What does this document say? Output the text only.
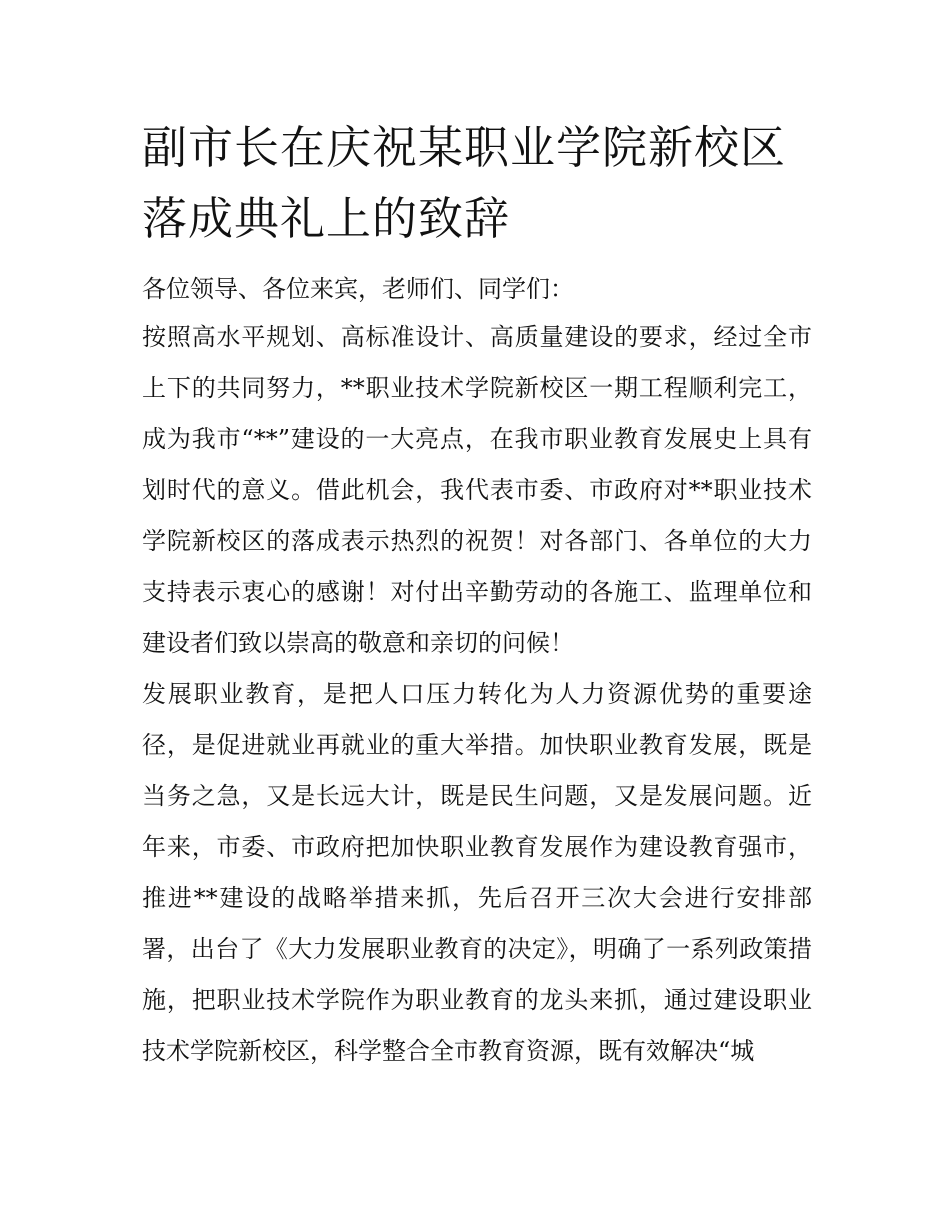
副市长在庆祝某职业学院新校区落成典礼上的致辞

各位领导、各位来宾，老师们、同学们：

按照高水平规划、高标准设计、高质量建设的要求，经过全市上下的共同努力，**职业技术学院新校区一期工程顺利完工，成为我市“**”建设的一大亮点，在我市职业教育发展史上具有划时代的意义。借此机会，我代表市委、市政府对**职业技术学院新校区的落成表示热烈的祝贺！对各部门、各单位的大力支持表示衷心的感谢！对付出辛勤劳动的各施工、监理单位和建设者们致以崇高的敬意和亲切的问候！

发展职业教育，是把人口压力转化为人力资源优势的重要途径，是促进就业再就业的重大举措。加快职业教育发展，既是当务之急，又是长远大计，既是民生问题，又是发展问题。近年来，市委、市政府把加快职业教育发展作为建设教育强市，推进**建设的战略举措来抓，先后召开三次大会进行安排部署，出台了《大力发展职业教育的决定》，明确了一系列政策措施，把职业技术学院作为职业教育的龙头来抓，通过建设职业技术学院新校区，科学整合全市教育资源，既有效解决“城
